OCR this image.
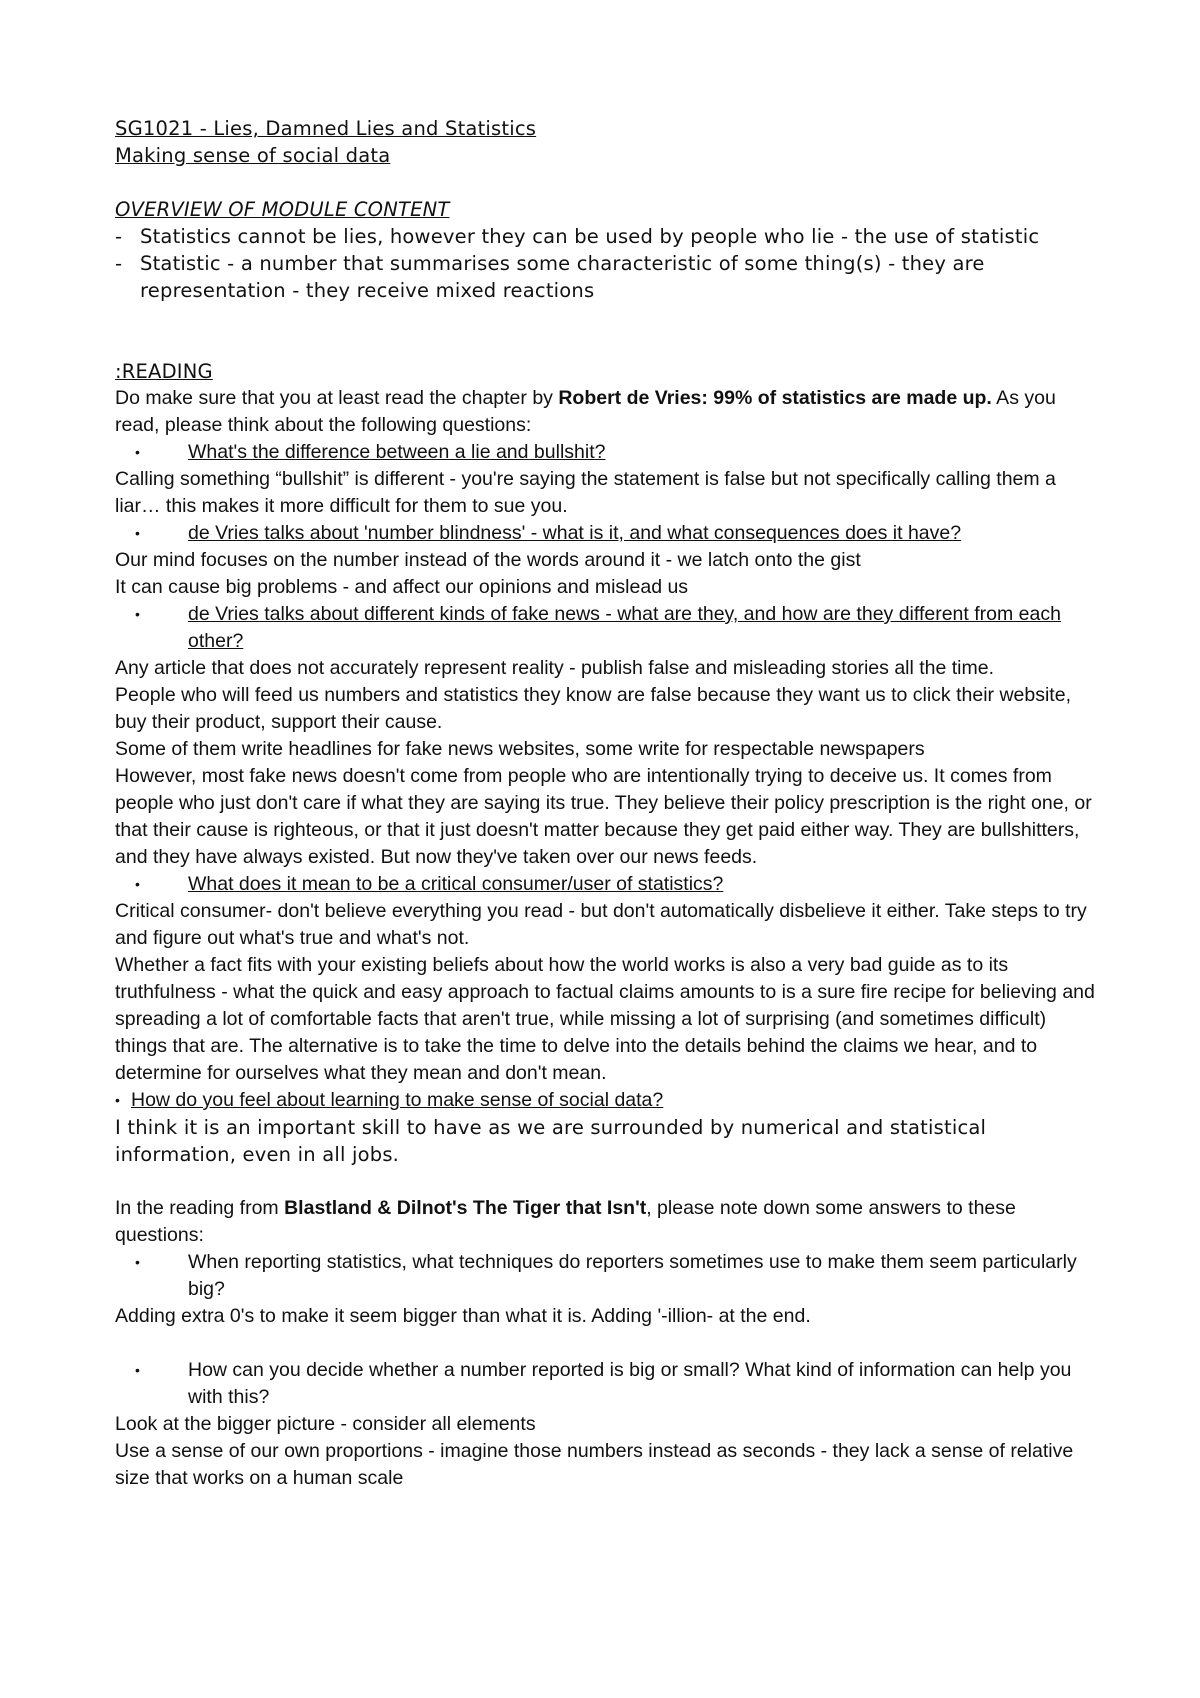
SG1021 - Lies, Damned Lies and Statistics

Making sense of social data

OVERVIEW OF MODULE CONTENT

- Statistics cannot be lies, however they can be used by people who lie - the use of statistic
- Statistic - a number that summarises some characteristic of some thing(s) - they are representation - they receive mixed reactions

:READING

Do make sure that you at least read the chapter by Robert de Vries: 99% of statistics are made up. As you read, please think about the following questions:

• What's the difference between a lie and bullshit?

Calling something “bullshit” is different - you're saying the statement is false but not specifically calling them a liar… this makes it more difficult for them to sue you.

• de Vries talks about 'number blindness' - what is it, and what consequences does it have?

Our mind focuses on the number instead of the words around it - we latch onto the gist

It can cause big problems - and affect our opinions and mislead us

• de Vries talks about different kinds of fake news - what are they, and how are they different from each other?

Any article that does not accurately represent reality - publish false and misleading stories all the time.

People who will feed us numbers and statistics they know are false because they want us to click their website, buy their product, support their cause.

Some of them write headlines for fake news websites, some write for respectable newspapers

However, most fake news doesn't come from people who are intentionally trying to deceive us. It comes from people who just don't care if what they are saying its true. They believe their policy prescription is the right one, or that their cause is righteous, or that it just doesn't matter because they get paid either way. They are bullshitters, and they have always existed. But now they've taken over our news feeds.

• What does it mean to be a critical consumer/user of statistics?

Critical consumer- don't believe everything you read - but don't automatically disbelieve it either. Take steps to try and figure out what's true and what's not.

Whether a fact fits with your existing beliefs about how the world works is also a very bad guide as to its truthfulness - what the quick and easy approach to factual claims amounts to is a sure fire recipe for believing and spreading a lot of comfortable facts that aren't true, while missing a lot of surprising (and sometimes difficult) things that are. The alternative is to take the time to delve into the details behind the claims we hear, and to determine for ourselves what they mean and don't mean.

• How do you feel about learning to make sense of social data?

I think it is an important skill to have as we are surrounded by numerical and statistical information, even in all jobs.

In the reading from Blastland & Dilnot's The Tiger that Isn't, please note down some answers to these questions:

• When reporting statistics, what techniques do reporters sometimes use to make them seem particularly big?

Adding extra 0's to make it seem bigger than what it is. Adding '-illion- at the end.

• How can you decide whether a number reported is big or small? What kind of information can help you with this?

Look at the bigger picture - consider all elements

Use a sense of our own proportions - imagine those numbers instead as seconds - they lack a sense of relative size that works on a human scale
